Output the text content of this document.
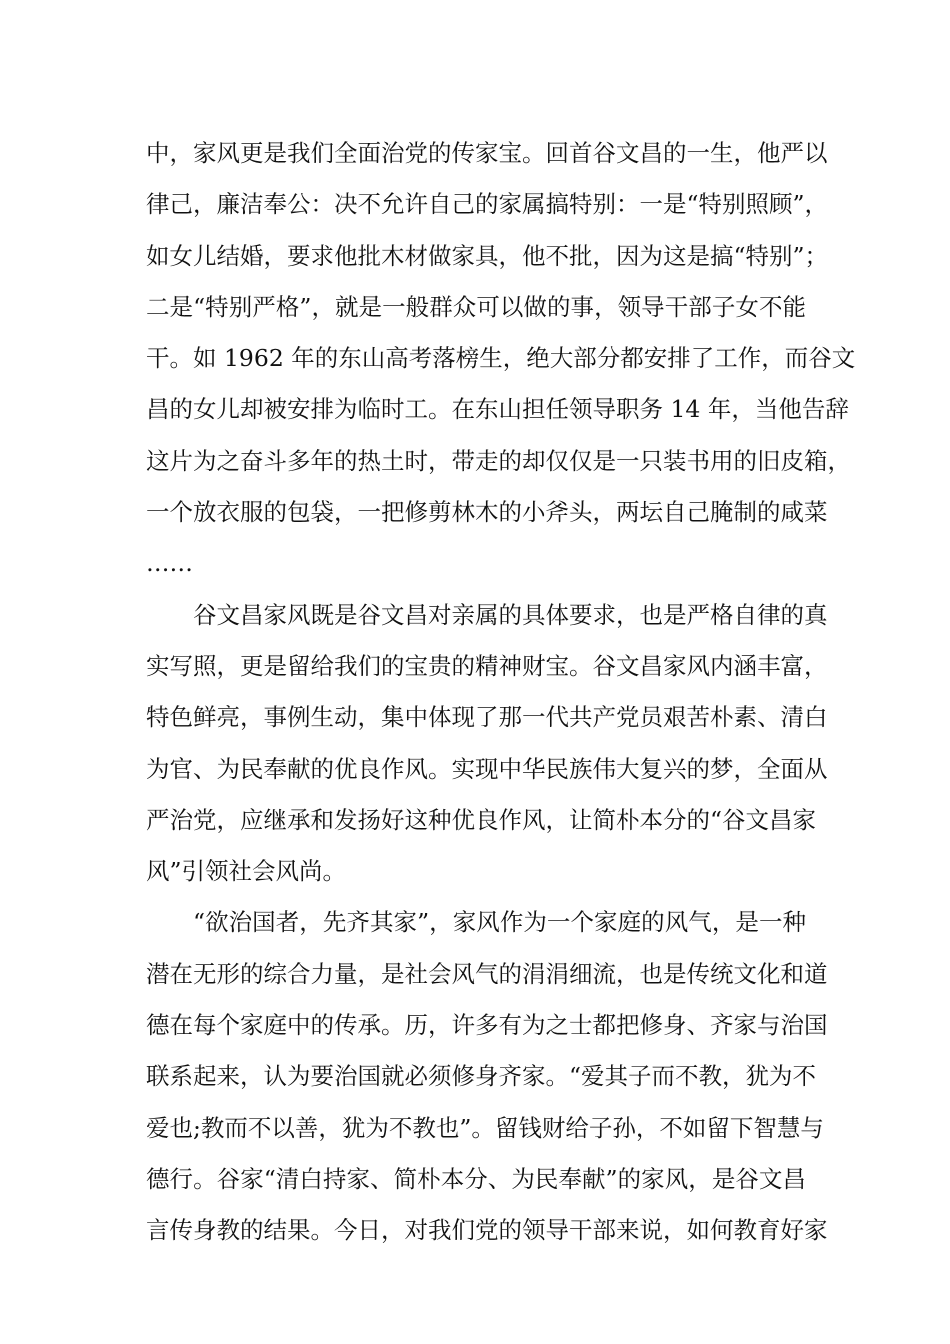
中，家风更是我们全面治党的传家宝。回首谷文昌的一生，他严以
律己，廉洁奉公：决不允许自己的家属搞特别：一是“特别照顾”，
如女儿结婚，要求他批木材做家具，他不批，因为这是搞“特别”；
二是“特别严格”，就是一般群众可以做的事，领导干部子女不能
干。如 1962 年的东山高考落榜生，绝大部分都安排了工作，而谷文
昌的女儿却被安排为临时工。在东山担任领导职务 14 年，当他告辞
这片为之奋斗多年的热土时，带走的却仅仅是一只装书用的旧皮箱，
一个放衣服的包袋，一把修剪林木的小斧头，两坛自己腌制的咸菜
……
谷文昌家风既是谷文昌对亲属的具体要求，也是严格自律的真
实写照，更是留给我们的宝贵的精神财宝。谷文昌家风内涵丰富，
特色鲜亮，事例生动，集中体现了那一代共产党员艰苦朴素、清白
为官、为民奉献的优良作风。实现中华民族伟大复兴的梦，全面从
严治党，应继承和发扬好这种优良作风，让简朴本分的“谷文昌家
风”引领社会风尚。
“欲治国者，先齐其家”，家风作为一个家庭的风气，是一种
潜在无形的综合力量，是社会风气的涓涓细流，也是传统文化和道
德在每个家庭中的传承。历，许多有为之士都把修身、齐家与治国
联系起来，认为要治国就必须修身齐家。“爱其子而不教，犹为不
爱也;教而不以善，犹为不教也”。留钱财给子孙，不如留下智慧与
德行。谷家“清白持家、简朴本分、为民奉献”的家风，是谷文昌
言传身教的结果。今日，对我们党的领导干部来说，如何教育好家
